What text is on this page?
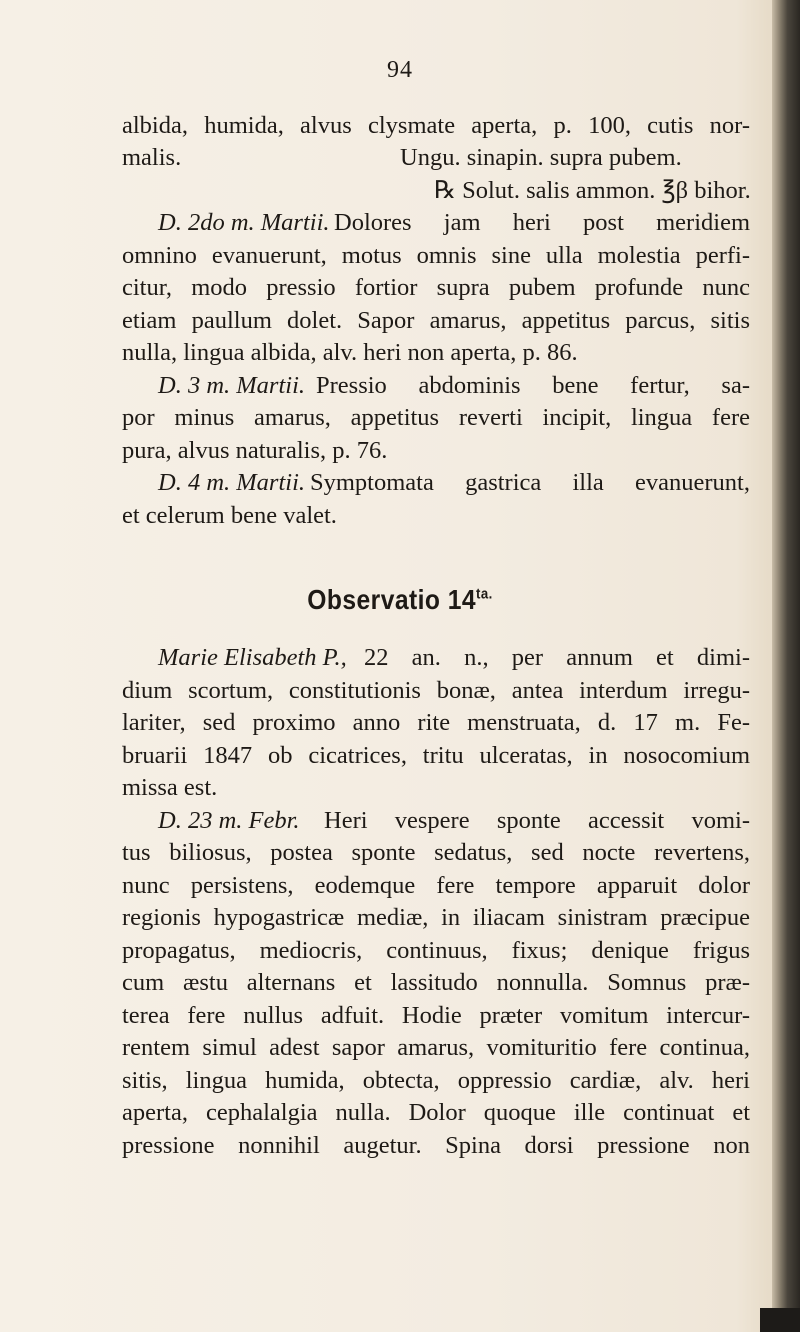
94
albida, humida, alvus clysmate aperta, p. 100, cutis nor-
malis.	Ungu. sinapin. supra pubem.
℞ Solut. salis ammon. ℥β bihor.
D. 2do m. Martii. Dolores jam heri post meridiem
omnino evanuerunt, motus omnis sine ulla molestia perfi-
citur, modo pressio fortior supra pubem profunde nunc
etiam paullum dolet. Sapor amarus, appetitus parcus, sitis
nulla, lingua albida, alv. heri non aperta, p. 86.
D. 3 m. Martii. Pressio abdominis bene fertur, sa-
por minus amarus, appetitus reverti incipit, lingua fere
pura, alvus naturalis, p. 76.
D. 4 m. Martii. Symptomata gastrica illa evanuerunt,
et celerum bene valet.
Observatio $14^{ta.}$
Marie Elisabeth P., 22 an. n., per annum et dimi-
dium scortum, constitutionis bonæ, antea interdum irregu-
lariter, sed proximo anno rite menstruata, d. 17 m. Fe-
bruarii 1847 ob cicatrices, tritu ulceratas, in nosocomium
missa est.
D. 23 m. Febr. Heri vespere sponte accessit vomi-
tus biliosus, postea sponte sedatus, sed nocte revertens,
nunc persistens, eodemque fere tempore apparuit dolor
regionis hypogastricæ mediæ, in iliacam sinistram præcipue
propagatus, mediocris, continuus, fixus; denique frigus
cum æstu alternans et lassitudo nonnulla. Somnus præ-
terea fere nullus adfuit. Hodie præter vomitum intercur-
rentem simul adest sapor amarus, vomituritio fere continua,
sitis, lingua humida, obtecta, oppressio cardiæ, alv. heri
aperta, cephalalgia nulla. Dolor quoque ille continuat et
pressione nonnihil augetur. Spina dorsi pressione non
